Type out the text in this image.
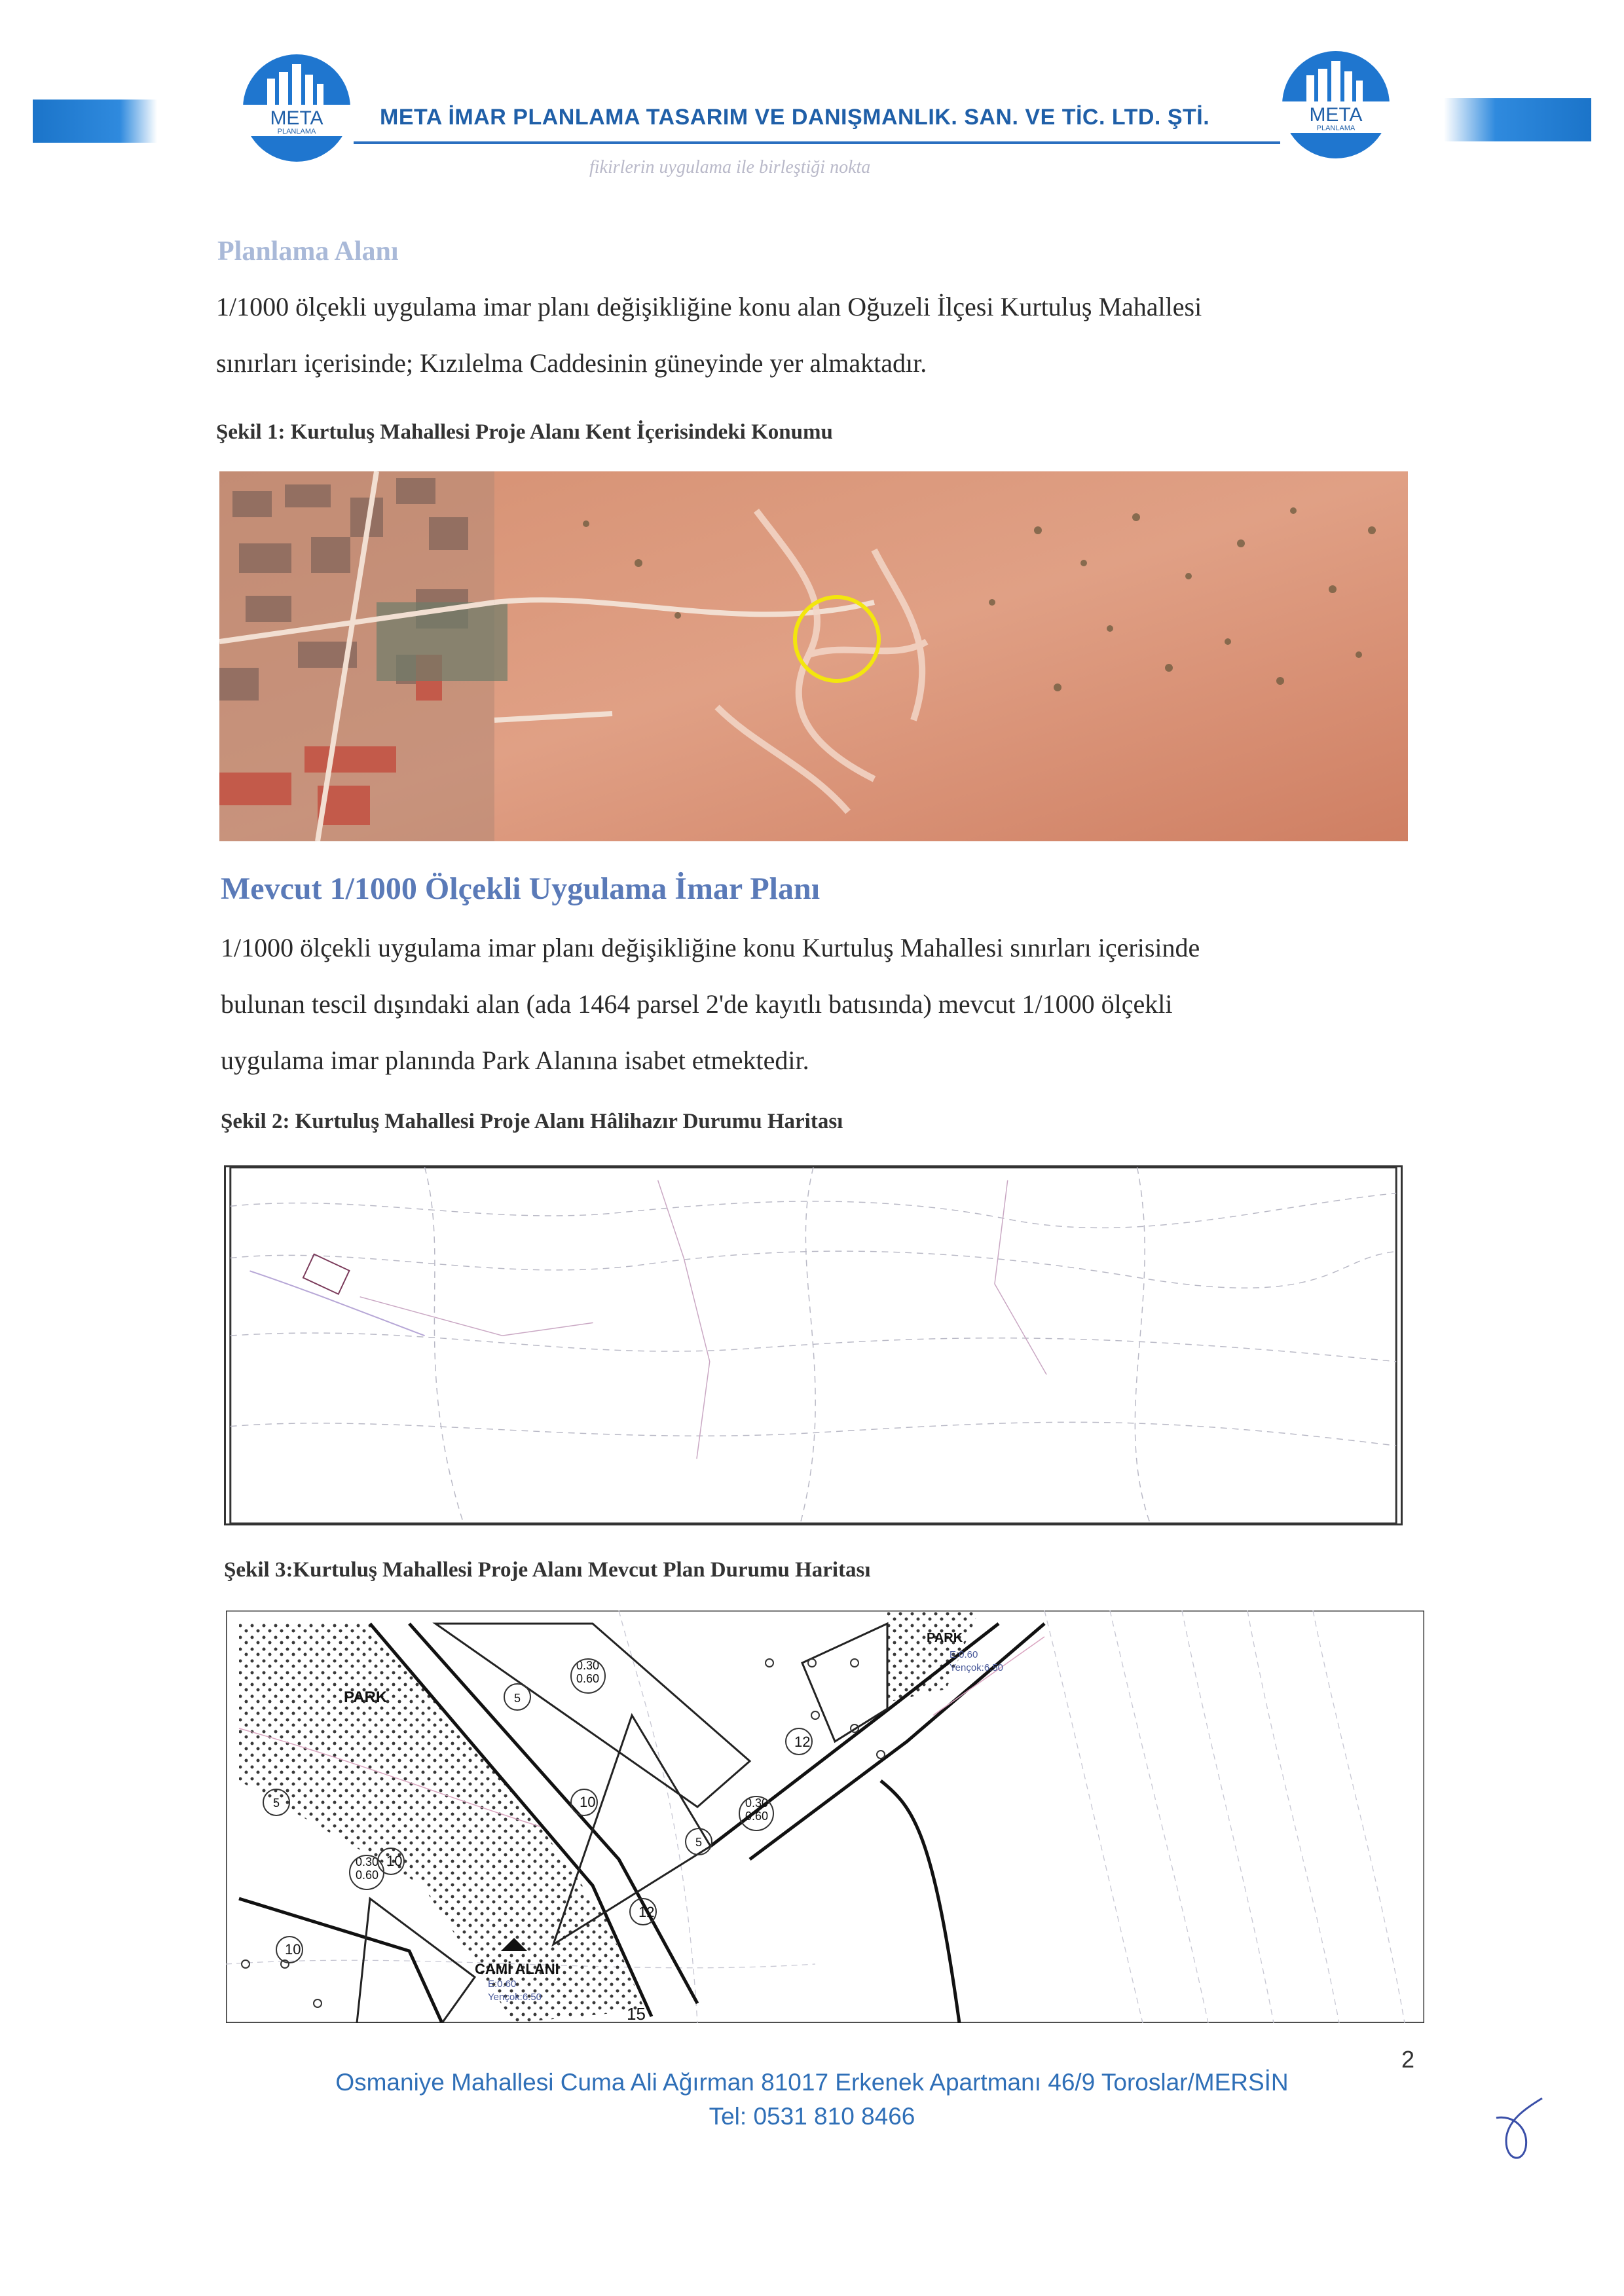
META
PLANLAMA
META
PLANLAMA
META İMAR PLANLAMA TASARIM VE DANIŞMANLIK. SAN. VE TİC. LTD. ŞTİ.
fikirlerin uygulama ile birleştiği nokta
Planlama Alanı
1/1000 ölçekli uygulama imar planı değişikliğine konu alan Oğuzeli İlçesi Kurtuluş Mahallesi
sınırları içerisinde; Kızılelma Caddesinin güneyinde yer almaktadır.
Şekil 1: Kurtuluş Mahallesi Proje Alanı Kent İçerisindeki Konumu
Mevcut 1/1000 Ölçekli Uygulama İmar Planı
1/1000 ölçekli uygulama imar planı değişikliğine konu Kurtuluş Mahallesi sınırları içerisinde
bulunan tescil dışındaki alan (ada 1464 parsel 2'de kayıtlı batısında) mevcut 1/1000 ölçekli
uygulama imar planında Park Alanına isabet etmektedir.
Şekil 2: Kurtuluş Mahallesi Proje Alanı Hâlihazır Durumu Haritası
Şekil 3:Kurtuluş Mahallesi Proje Alanı Mevcut Plan Durumu Haritası
PARK
PARK
CAMİ ALANI
10
10
10
12
12
15
0.30
0.60
0.30
0.60
0.30
0.60
5
5
5
E:0.60
Yençok:6.50
E:0.60
Yençok:6.50
2
Osmaniye Mahallesi Cuma Ali Ağırman 81017 Erkenek Apartmanı 46/9 Toroslar/MERSİN
Tel: 0531 810 8466
